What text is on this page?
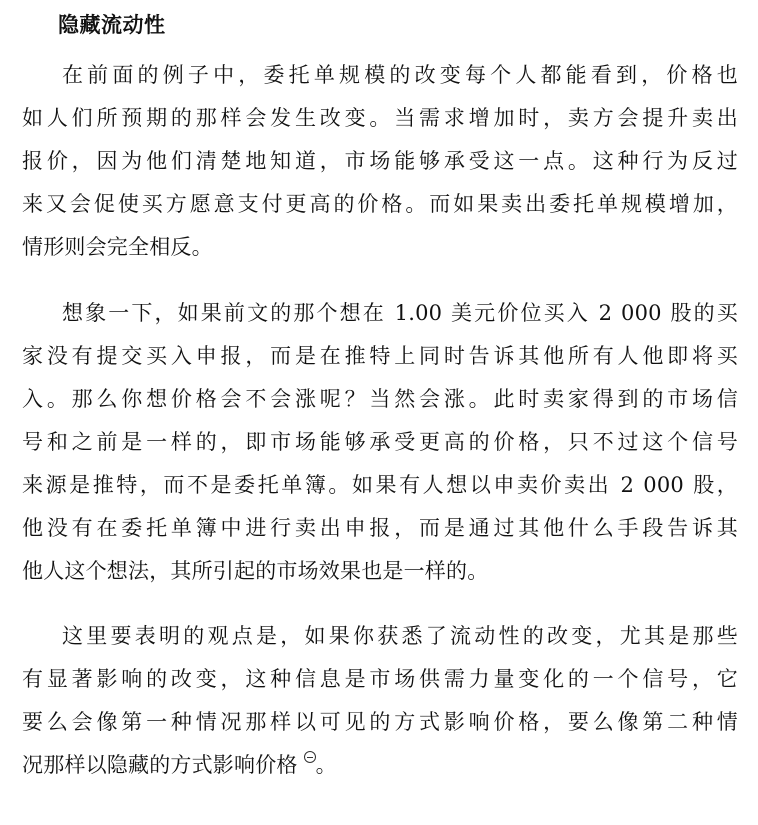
隐藏流动性
在前面的例子中，委托单规模的改变每个人都能看到，价格也
如人们所预期的那样会发生改变。当需求增加时，卖方会提升卖出
报价，因为他们清楚地知道，市场能够承受这一点。这种行为反过
来又会促使买方愿意支付更高的价格。而如果卖出委托单规模增加，
情形则会完全相反。
想象一下，如果前文的那个想在 1.00 美元价位买入 2 000 股的买
家没有提交买入申报，而是在推特上同时告诉其他所有人他即将买
入。那么你想价格会不会涨呢？当然会涨。此时卖家得到的市场信
号和之前是一样的，即市场能够承受更高的价格，只不过这个信号
来源是推特，而不是委托单簿。如果有人想以申卖价卖出 2 000 股，
他没有在委托单簿中进行卖出申报，而是通过其他什么手段告诉其
他人这个想法，其所引起的市场效果也是一样的。
这里要表明的观点是，如果你获悉了流动性的改变，尤其是那些
有显著影响的改变，这种信息是市场供需力量变化的一个信号，它
要么会像第一种情况那样以可见的方式影响价格，要么像第二种情
况那样以隐藏的方式影响价格 。
